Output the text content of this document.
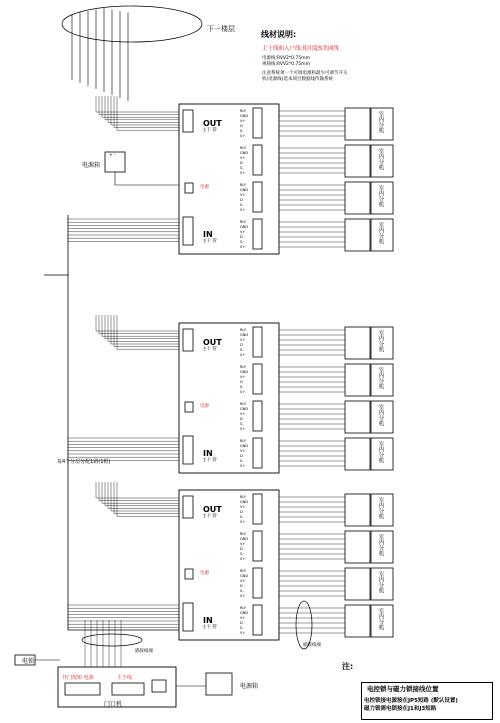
下一楼层
线材说明:
主干线和入户线:使用超5类网线
电源线:RVV2*0.75mm
视频线:RVV2*0.75mm
注意系统须一个可调电源和最少可调节开关
机(电源线)选本项目数据线传输系统
电源箱
每4个分层分配1路(1根)
电锁
门口机
开门按钮 电源	主干线
电源箱
插接线端
插接线端
注:
电控锁与磁力锁接线位置
电控锁接电源接在JP5短路 (默认设置)
磁力锁需电锁接在J1和J3短路
+ -
OUT
主干 管
IN
主干 管
电源
RLY
GND
V+
D
S-
S+
室内分机
RLY
GND
V+
D
S-
S+
室内分机
RLY
GND
V+
D
S-
S+
室内分机
RLY
GND
V+
D
S-
S+
室内分机
OUT
主干 管
IN
主干 管
电源
RLY
GND
V+
D
S-
S+
室内分机
RLY
GND
V+
D
S-
S+
室内分机
RLY
GND
V+
D
S-
S+
室内分机
RLY
GND
V+
D
S-
S+
室内分机
OUT
主干 管
IN
主干 管
电源
RLY
GND
V+
D
S-
S+
室内分机
RLY
GND
V+
D
S-
S+
室内分机
RLY
GND
V+
D
S-
S+
室内分机
RLY
GND
V+
D
S-
S+
室内分机
